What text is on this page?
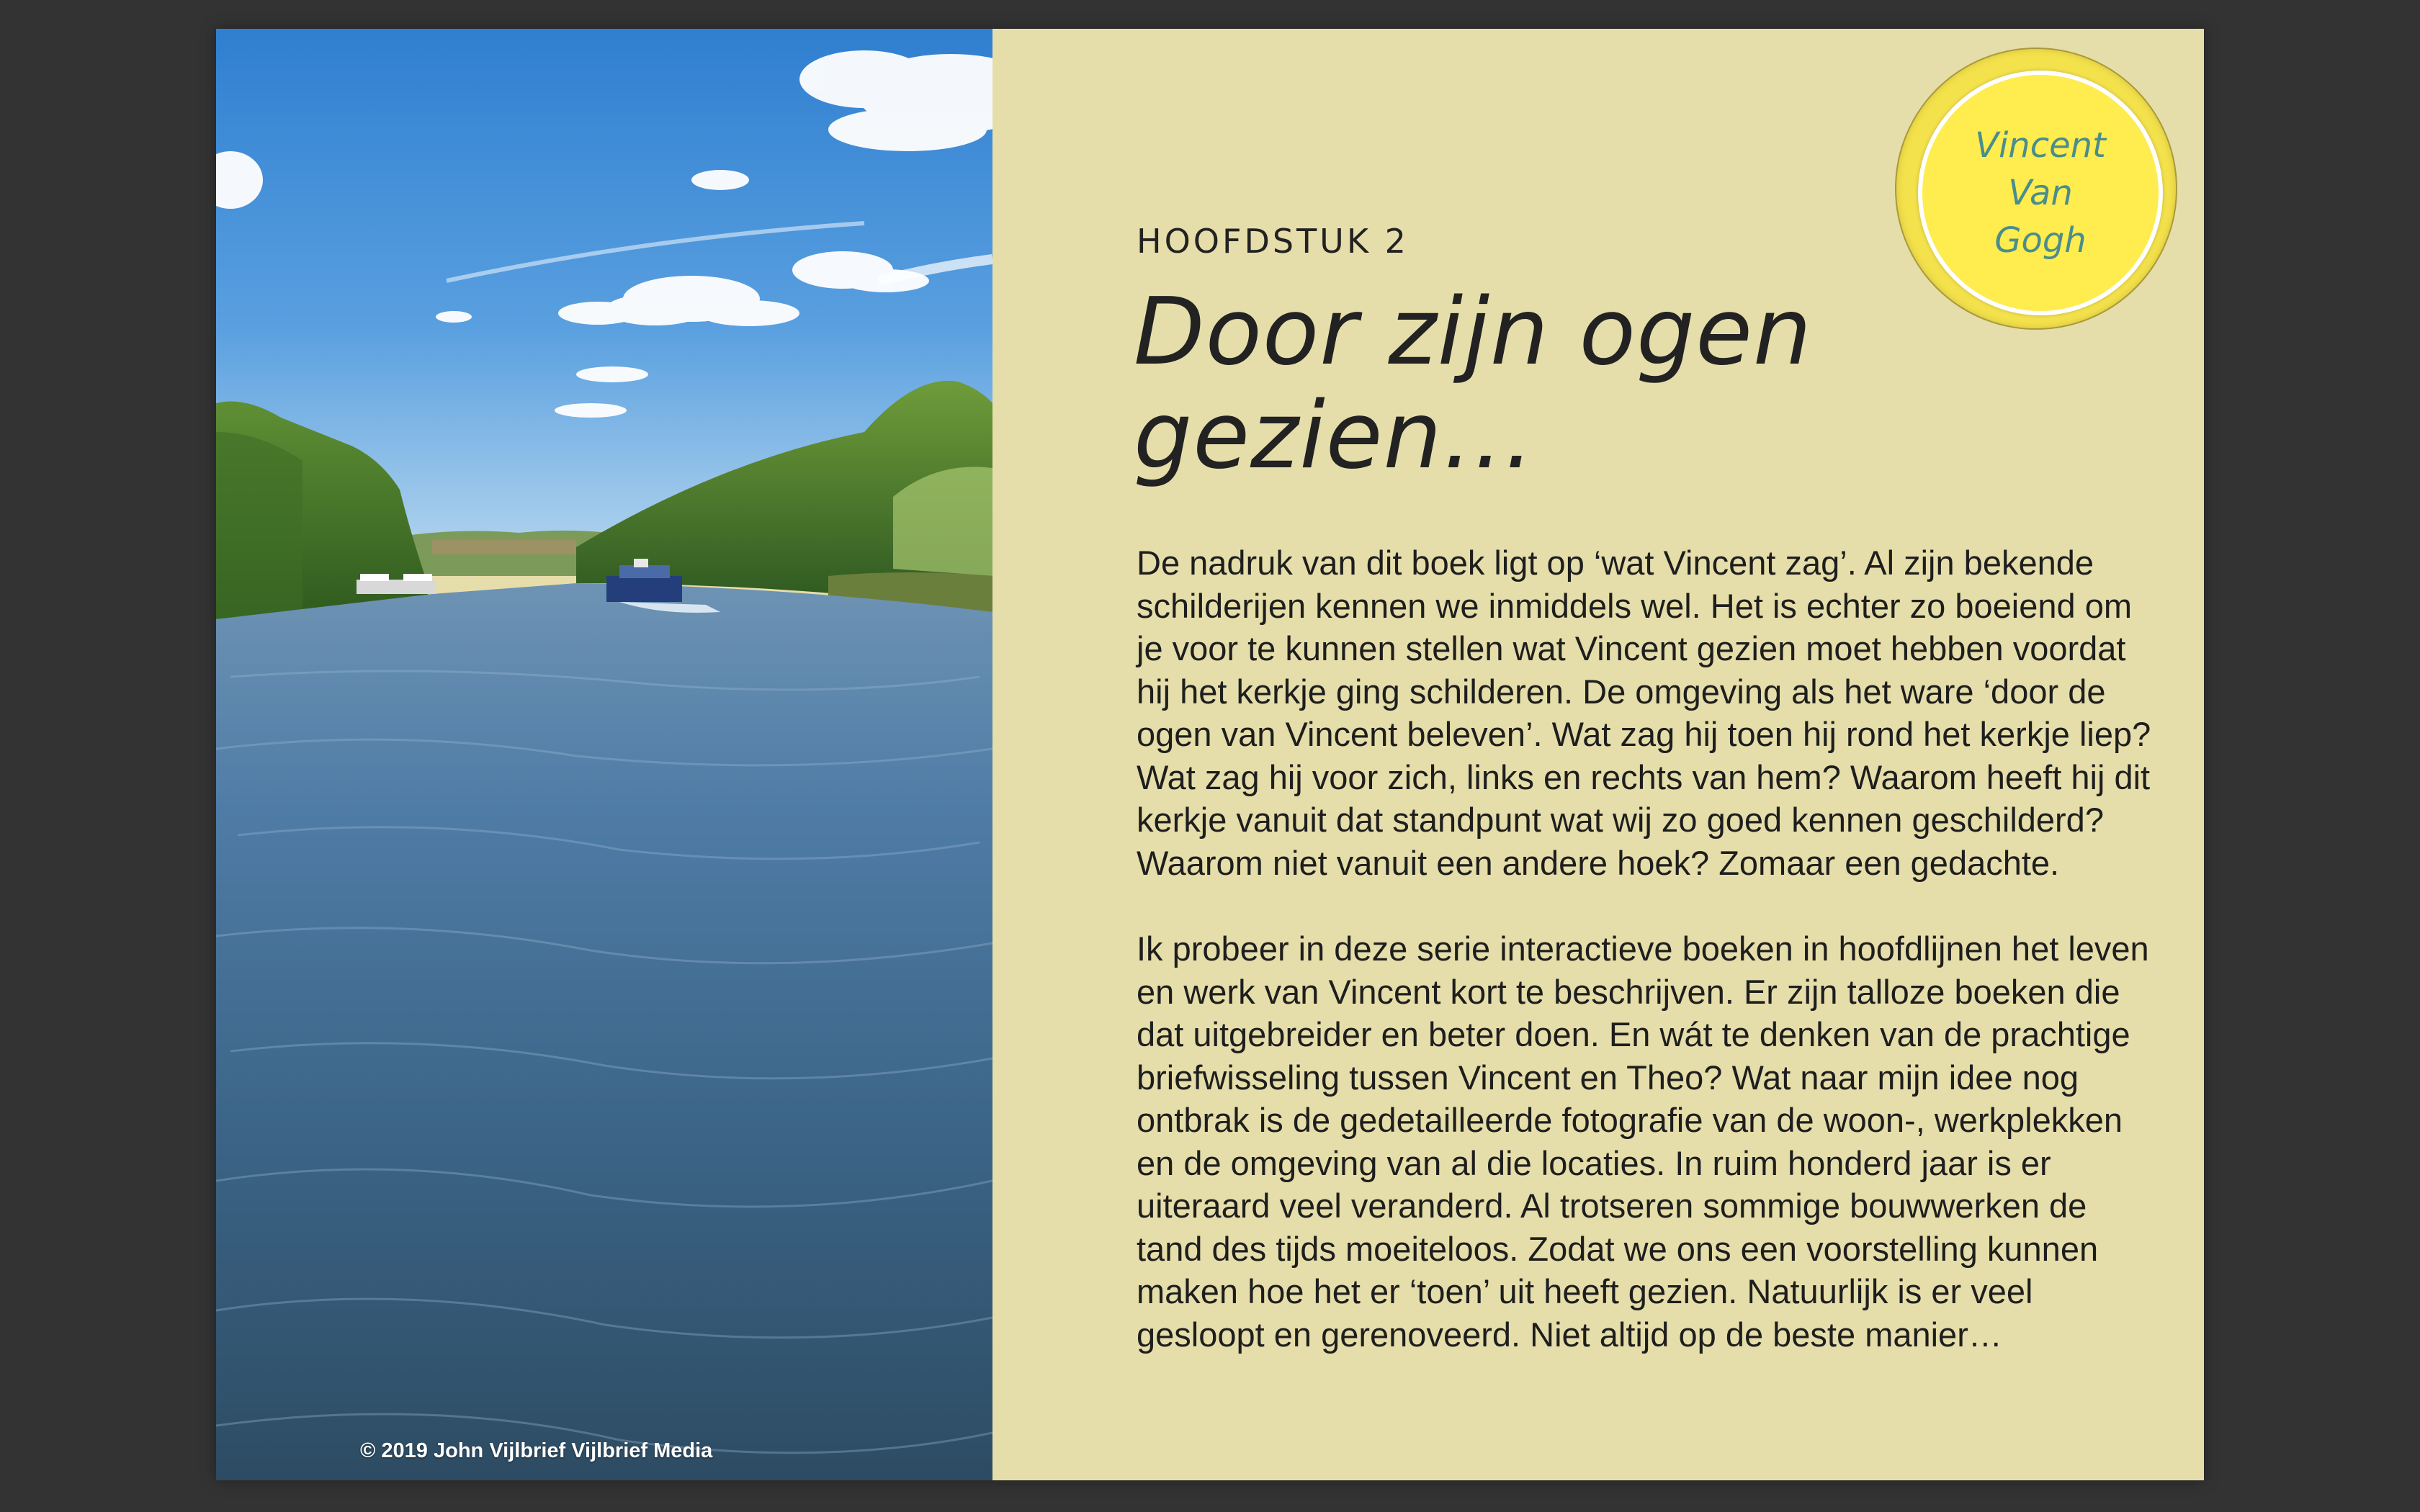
© 2019 John Vijlbrief Vijlbrief Media
Vincent
Van
Gogh
HOOFDSTUK 2
Door zijn ogen gezien…

De nadruk van dit boek ligt op ‘wat Vincent zag’. Al zijn bekende schilderijen kennen we inmiddels wel. Het is echter zo boeiend om je voor te kunnen stellen wat Vincent gezien moet hebben voordat hij het kerkje ging schilderen. De omgeving als het ware ‘door de ogen van Vincent beleven’. Wat zag hij toen hij rond het kerkje liep? Wat zag hij voor zich, links en rechts van hem? Waarom heeft hij dit kerkje vanuit dat standpunt wat wij zo goed kennen geschilderd? Waarom niet vanuit een andere hoek? Zomaar een gedachte.

Ik probeer in deze serie interactieve boeken in hoofdlijnen het leven en werk van Vincent kort te beschrijven. Er zijn talloze boeken die dat uitgebreider en beter doen. En wát te denken van de prachtige briefwisseling tussen Vincent en Theo? Wat naar mijn idee nog ontbrak is de gedetailleerde fotografie van de woon-, werkplekken en de omgeving van al die locaties. In ruim honderd jaar is er uiteraard veel veranderd. Al trotseren sommige bouwwerken de tand des tijds moeiteloos. Zodat we ons een voorstelling kunnen maken hoe het er ‘toen’ uit heeft gezien. Natuurlijk is er veel gesloopt en gerenoveerd. Niet altijd op de beste manier…
